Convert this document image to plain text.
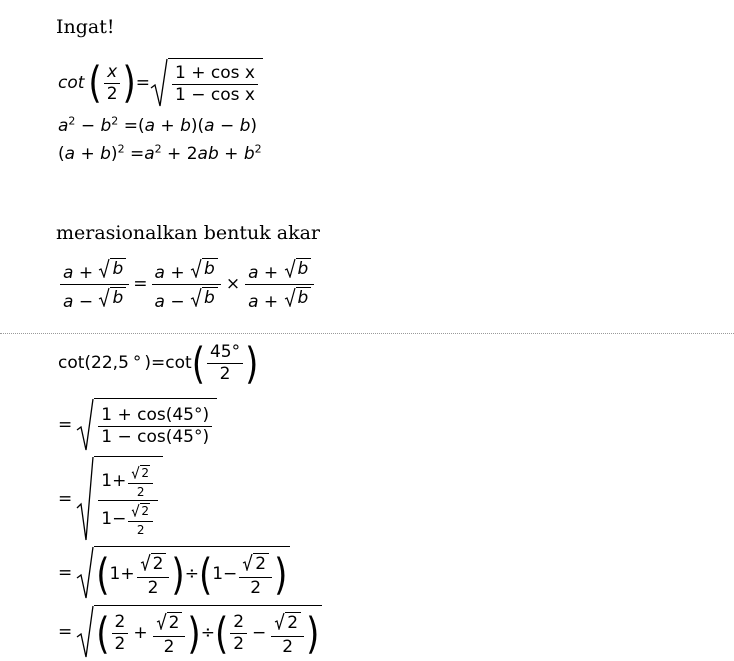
Ingat!
cot ( $\frac{x}{2}$ ) = $\frac{\text{1 + cos x}}{\text{1 − cos x}}$
$a^2 - b^2 =(a + b)(a - b)$
$(a + b)^2 =a^2 + 2ab + b^2$
merasionalkan bentuk akar
$\frac{a + b}{a - b} = \frac{a + b}{a - b} \times \frac{a + b}{a + b}$
cot(22,5 ° ) = cot ( $\frac{45^\circ}{2}$ )
= $\frac{1 + \cos(45^\circ)}{1 - \cos(45^\circ)}$
= $\frac{1 + \frac{2}{2}}{1 - \frac{2}{2}}$
= ( $1 + \frac{2}{2}$ ) ÷ ( $1 - \frac{2}{2}$ )
= ( $\frac{2}{2} + \frac{2}{2}$ ) ÷ ( $\frac{2}{2} - \frac{2}{2}$ )
